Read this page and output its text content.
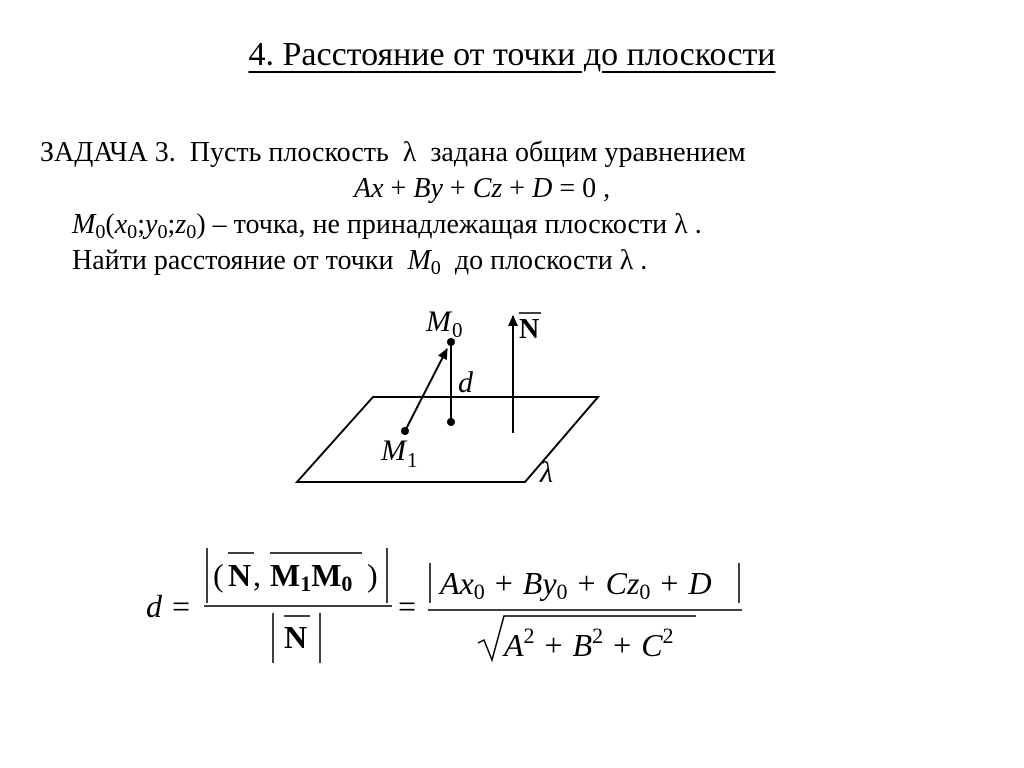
4. Расстояние от точки до плоскости
ЗАДАЧА 3. Пусть плоскость λ задана общим уравнением
Ax + By + Cz + D = 0 ,
$M_0(x_0;y_0;z_0)$ – точка, не принадлежащая плоскости λ .
Найти расстояние от точки $M_0$ до плоскости λ .
N
$M_0$
d
$M_1$	λ
d =
( N , M1M0 )
N
=
Ax0 + By0 + Cz0 + D
$A^2 + B^2 + C^2$
